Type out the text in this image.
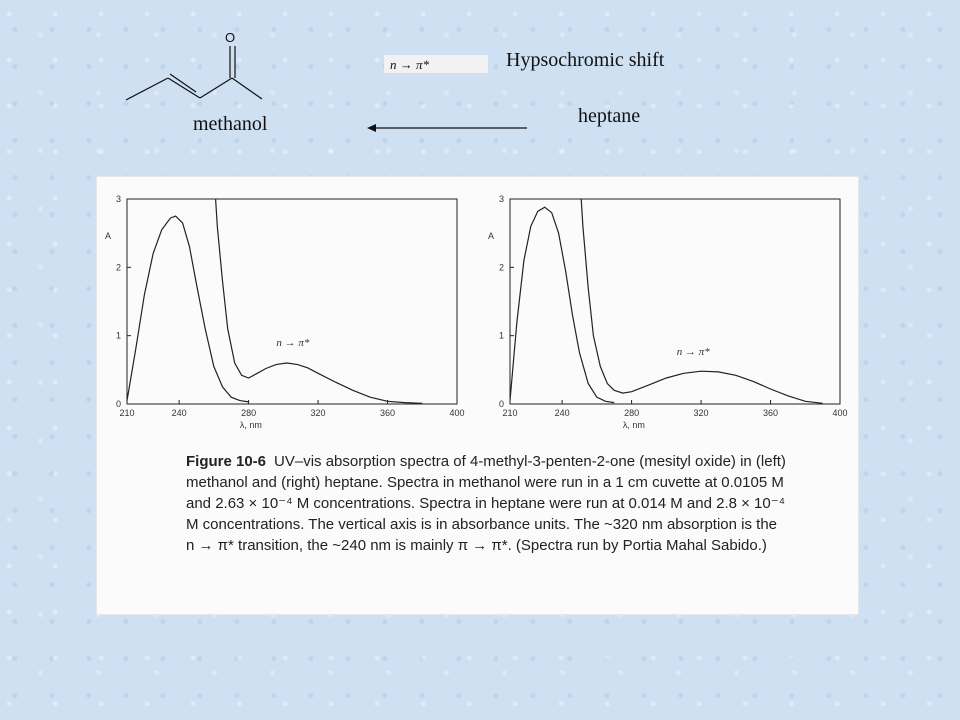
O
methanol	heptane
Hypsochromic shift
n → π*
210	240	280	320	360	400
0
1
2
3
A
λ, nm
n → π*
210	240	280	320	360	400
0
1
2
3
A
λ, nm
n → π*
Figure 10-6 UV–vis absorption spectra of 4-methyl-3-penten-2-one (mesityl oxide) in (left) methanol and (right) heptane. Spectra in methanol were run in a 1 cm cuvette at 0.0105 M and 2.63 × 10⁻⁴ M concentrations. Spectra in heptane were run at 0.014 M and 2.8 × 10⁻⁴ M concentrations. The vertical axis is in absorbance units. The ~320 nm absorption is the n → π* transition, the ~240 nm is mainly π → π*. (Spectra run by Portia Mahal Sabido.)
